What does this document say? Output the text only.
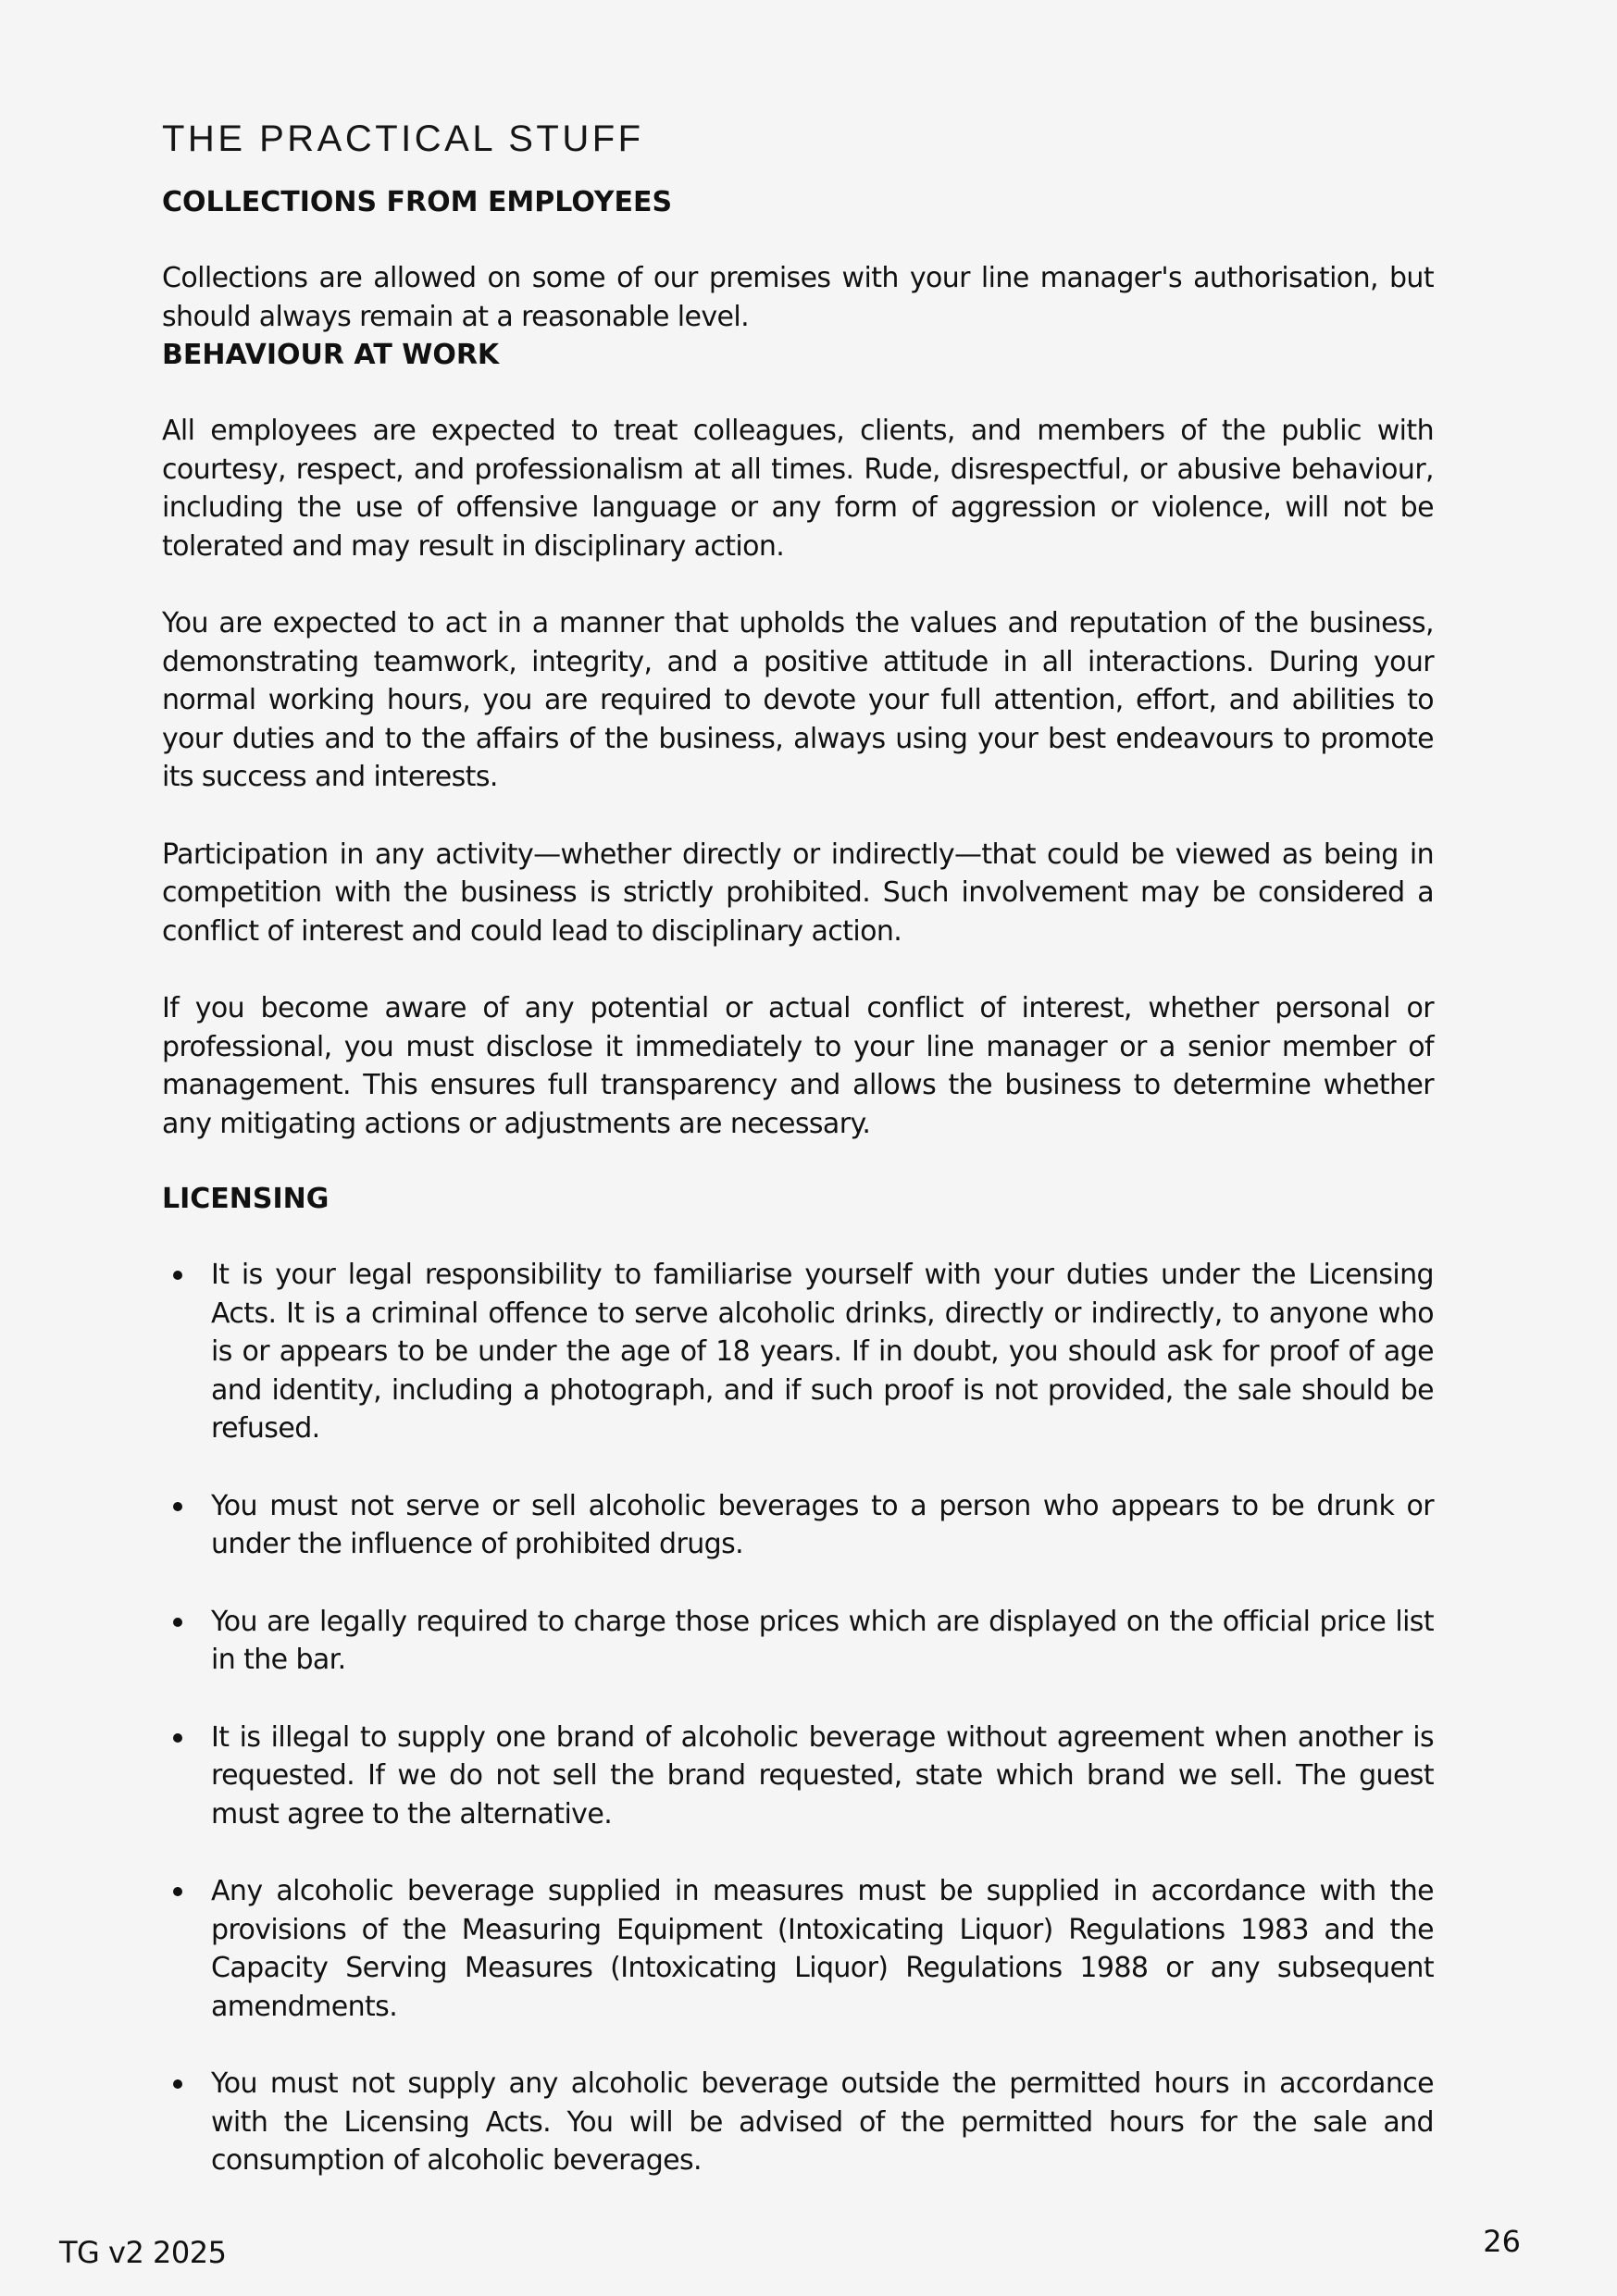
THE PRACTICAL STUFF
COLLECTIONS FROM EMPLOYEES

Collections are allowed on some of our premises with your line manager's authorisation, but should always remain at a reasonable level.

BEHAVIOUR AT WORK

All employees are expected to treat colleagues, clients, and members of the public with courtesy, respect, and professionalism at all times. Rude, disrespectful, or abusive behaviour, including the use of offensive language or any form of aggression or violence, will not be tolerated and may result in disciplinary action.

You are expected to act in a manner that upholds the values and reputation of the business, demonstrating teamwork, integrity, and a positive attitude in all interactions. During your normal working hours, you are required to devote your full attention, effort, and abilities to your duties and to the affairs of the business, always using your best endeavours to promote its success and interests.

Participation in any activity—whether directly or indirectly—that could be viewed as being in competition with the business is strictly prohibited. Such involvement may be considered a conflict of interest and could lead to disciplinary action.

If you become aware of any potential or actual conflict of interest, whether personal or professional, you must disclose it immediately to your line manager or a senior member of management. This ensures full transparency and allows the business to determine whether any mitigating actions or adjustments are necessary.

LICENSING

It is your legal responsibility to familiarise yourself with your duties under the Licensing Acts. It is a criminal offence to serve alcoholic drinks, directly or indirectly, to anyone who is or appears to be under the age of 18 years. If in doubt, you should ask for proof of age and identity, including a photograph, and if such proof is not provided, the sale should be refused.

You must not serve or sell alcoholic beverages to a person who appears to be drunk or under the influence of prohibited drugs.

You are legally required to charge those prices which are displayed on the official price list in the bar.

It is illegal to supply one brand of alcoholic beverage without agreement when another is requested. If we do not sell the brand requested, state which brand we sell. The guest must agree to the alternative.

Any alcoholic beverage supplied in measures must be supplied in accordance with the provisions of the Measuring Equipment (Intoxicating Liquor) Regulations 1983 and the Capacity Serving Measures (Intoxicating Liquor) Regulations 1988 or any subsequent amendments.

You must not supply any alcoholic beverage outside the permitted hours in accordance with the Licensing Acts. You will be advised of the permitted hours for the sale and consumption of alcoholic beverages.

TG v2 2025	26
